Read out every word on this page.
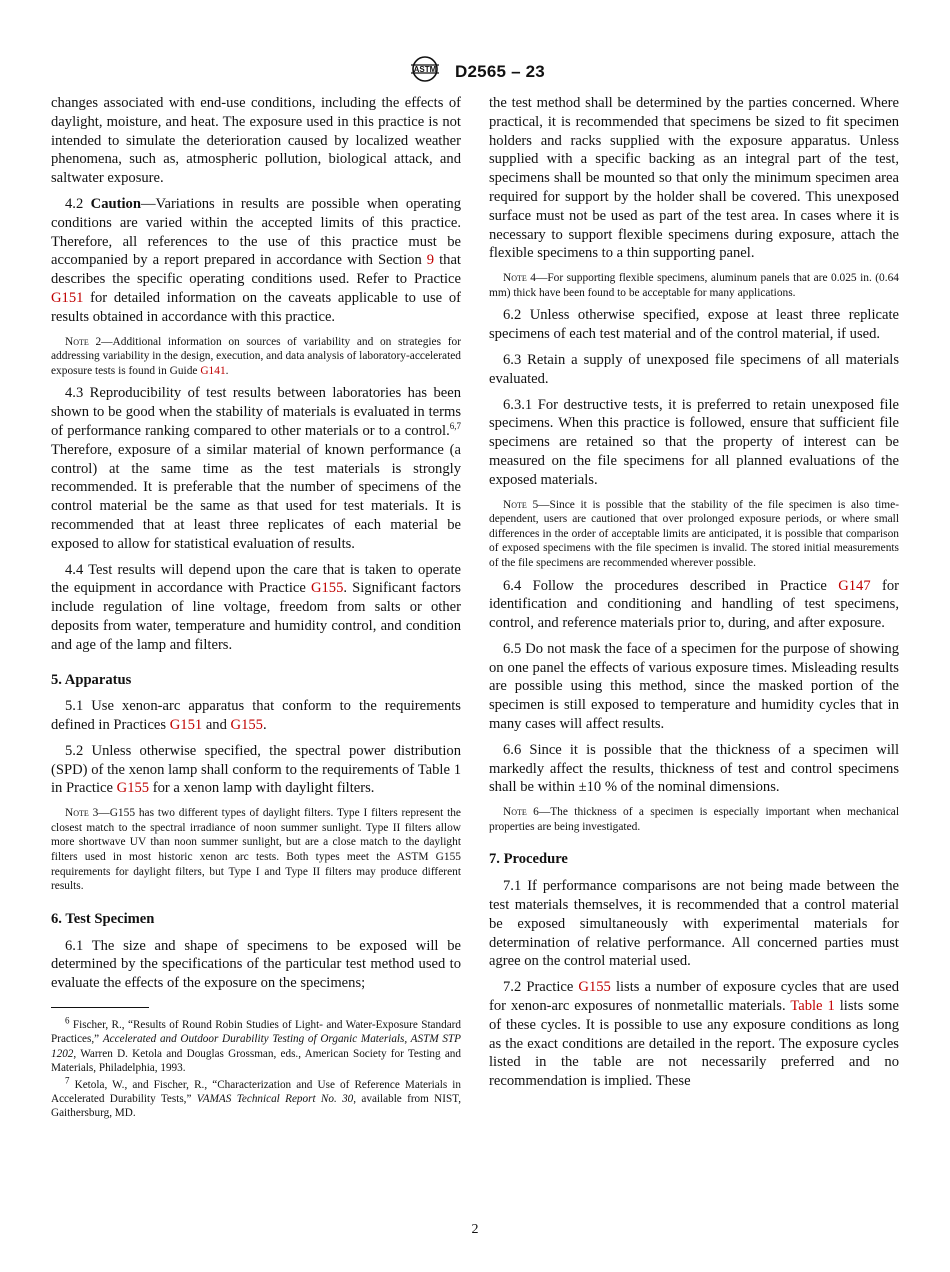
ASTM D2565 – 23

changes associated with end-use conditions, including the effects of daylight, moisture, and heat. The exposure used in this practice is not intended to simulate the deterioration caused by localized weather phenomena, such as, atmospheric pollution, biological attack, and saltwater exposure.

4.2 Caution—Variations in results are possible when operating conditions are varied within the accepted limits of this practice. Therefore, all references to the use of this practice must be accompanied by a report prepared in accordance with Section 9 that describes the specific operating conditions used. Refer to Practice G151 for detailed information on the caveats applicable to use of results obtained in accordance with this practice.

Note 2—Additional information on sources of variability and on strategies for addressing variability in the design, execution, and data analysis of laboratory-accelerated exposure tests is found in Guide G141.

4.3 Reproducibility of test results between laboratories has been shown to be good when the stability of materials is evaluated in terms of performance ranking compared to other materials or to a control.$^{6,7}$ Therefore, exposure of a similar material of known performance (a control) at the same time as the test materials is strongly recommended. It is preferable that the number of specimens of the control material be the same as that used for test materials. It is recommended that at least three replicates of each material be exposed to allow for statistical evaluation of results.

4.4 Test results will depend upon the care that is taken to operate the equipment in accordance with Practice G155. Significant factors include regulation of line voltage, freedom from salts or other deposits from water, temperature and humidity control, and condition and age of the lamp and filters.

5. Apparatus

5.1 Use xenon-arc apparatus that conform to the requirements defined in Practices G151 and G155.

5.2 Unless otherwise specified, the spectral power distribution (SPD) of the xenon lamp shall conform to the requirements of Table 1 in Practice G155 for a xenon lamp with daylight filters.

Note 3—G155 has two different types of daylight filters. Type I filters represent the closest match to the spectral irradiance of noon summer sunlight. Type II filters allow more shortwave UV than noon summer sunlight, but are a close match to the daylight filters used in most historic xenon arc tests. Both types meet the ASTM G155 requirements for daylight filters, but Type I and Type II filters may produce different results.
6. Test Specimen

6.1 The size and shape of specimens to be exposed will be determined by the specifications of the particular test method used to evaluate the effects of the exposure on the specimens;

$^6$ Fischer, R., “Results of Round Robin Studies of Light- and Water-Exposure Standard Practices,” Accelerated and Outdoor Durability Testing of Organic Materials, ASTM STP 1202, Warren D. Ketola and Douglas Grossman, eds., American Society for Testing and Materials, Philadelphia, 1993.
$^7$ Ketola, W., and Fischer, R., “Characterization and Use of Reference Materials in Accelerated Durability Tests,” VAMAS Technical Report No. 30, available from NIST, Gaithersburg, MD.

the test method shall be determined by the parties concerned. Where practical, it is recommended that specimens be sized to fit specimen holders and racks supplied with the exposure apparatus. Unless supplied with a specific backing as an integral part of the test, specimens shall be mounted so that only the minimum specimen area required for support by the holder shall be covered. This unexposed surface must not be used as part of the test area. In cases where it is necessary to support flexible specimens during exposure, attach the flexible specimens to a thin supporting panel.

Note 4—For supporting flexible specimens, aluminum panels that are 0.025 in. (0.64 mm) thick have been found to be acceptable for many applications.

6.2 Unless otherwise specified, expose at least three replicate specimens of each test material and of the control material, if used.

6.3 Retain a supply of unexposed file specimens of all materials evaluated.

6.3.1 For destructive tests, it is preferred to retain unexposed file specimens. When this practice is followed, ensure that sufficient file specimens are retained so that the property of interest can be measured on the file specimens for all planned evaluations of the exposed materials.

Note 5—Since it is possible that the stability of the file specimen is also time-dependent, users are cautioned that over prolonged exposure periods, or where small differences in the order of acceptable limits are anticipated, it is possible that comparison of exposed specimens with the file specimen is invalid. The stored initial measurements of the file specimens are recommended wherever possible.

6.4 Follow the procedures described in Practice G147 for identification and conditioning and handling of test specimens, control, and reference materials prior to, during, and after exposure.

6.5 Do not mask the face of a specimen for the purpose of showing on one panel the effects of various exposure times. Misleading results are possible using this method, since the masked portion of the specimen is still exposed to temperature and humidity cycles that in many cases will affect results.

6.6 Since it is possible that the thickness of a specimen will markedly affect the results, thickness of test and control specimens shall be within ±10 % of the nominal dimensions.

Note 6—The thickness of a specimen is especially important when mechanical properties are being investigated.
7. Procedure

7.1 If performance comparisons are not being made between the test materials themselves, it is recommended that a control material be exposed simultaneously with experimental materials for determination of relative performance. All concerned parties must agree on the control material used.

7.2 Practice G155 lists a number of exposure cycles that are used for xenon-arc exposures of nonmetallic materials. Table 1 lists some of these cycles. It is possible to use any exposure conditions as long as the exact conditions are detailed in the report. The exposure cycles listed in the table are not necessarily preferred and no recommendation is implied. These

2
